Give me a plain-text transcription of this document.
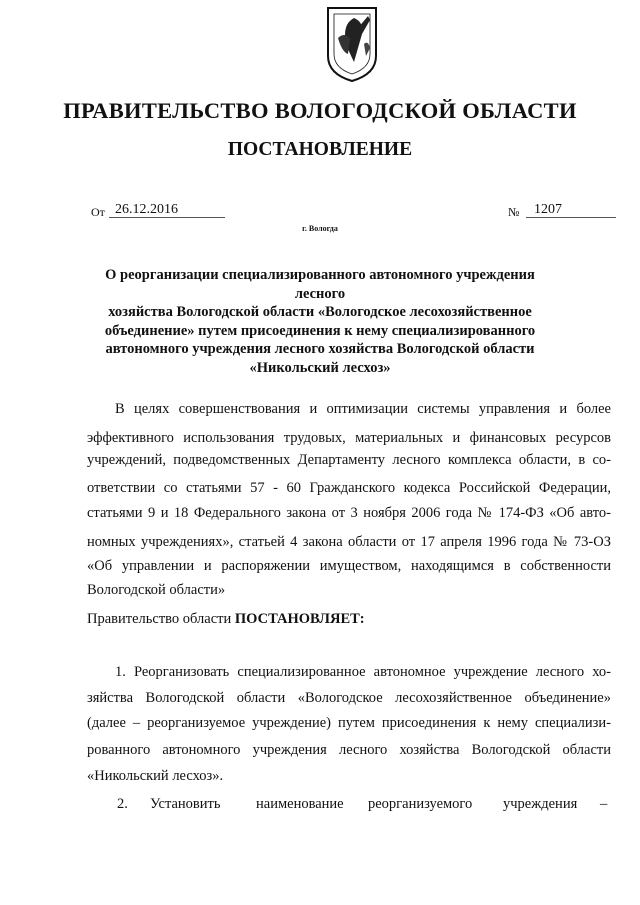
ПРАВИТЕЛЬСТВО ВОЛОГОДСКОЙ ОБЛАСТИ
ПОСТАНОВЛЕНИЕ
От 26.12.2016	№ 1207
г. Вологда
О реорганизации специализированного автономного учреждения лесного
хозяйства Вологодской области «Вологодское лесохозяйственное
объединение» путем присоединения к нему специализированного
автономного учреждения лесного хозяйства Вологодской области
«Никольский лесхоз»
В целях совершенствования и оптимизации системы управления и более
эффективного использования трудовых, материальных и финансовых ресурсов
учреждений, подведомственных Департаменту лесного комплекса области, в со-
ответствии со статьями 57 - 60 Гражданского кодекса Российской Федерации,
статьями 9 и 18 Федерального закона от 3 ноября 2006 года № 174-ФЗ «Об авто-
номных учреждениях», статьей 4 закона области от 17 апреля 1996 года № 73-ОЗ
«Об управлении и распоряжении имуществом, находящимся в собственности
Вологодской области»
Правительство области ПОСТАНОВЛЯЕТ:
1. Реорганизовать специализированное автономное учреждение лесного хо-
зяйства Вологодской области «Вологодское лесохозяйственное объединение»
(далее – реорганизуемое учреждение) путем присоединения к нему специализи-
рованного автономного учреждения лесного хозяйства Вологодской области
«Никольский лесхоз».
2. Установить наименование реорганизуемого учреждения –
